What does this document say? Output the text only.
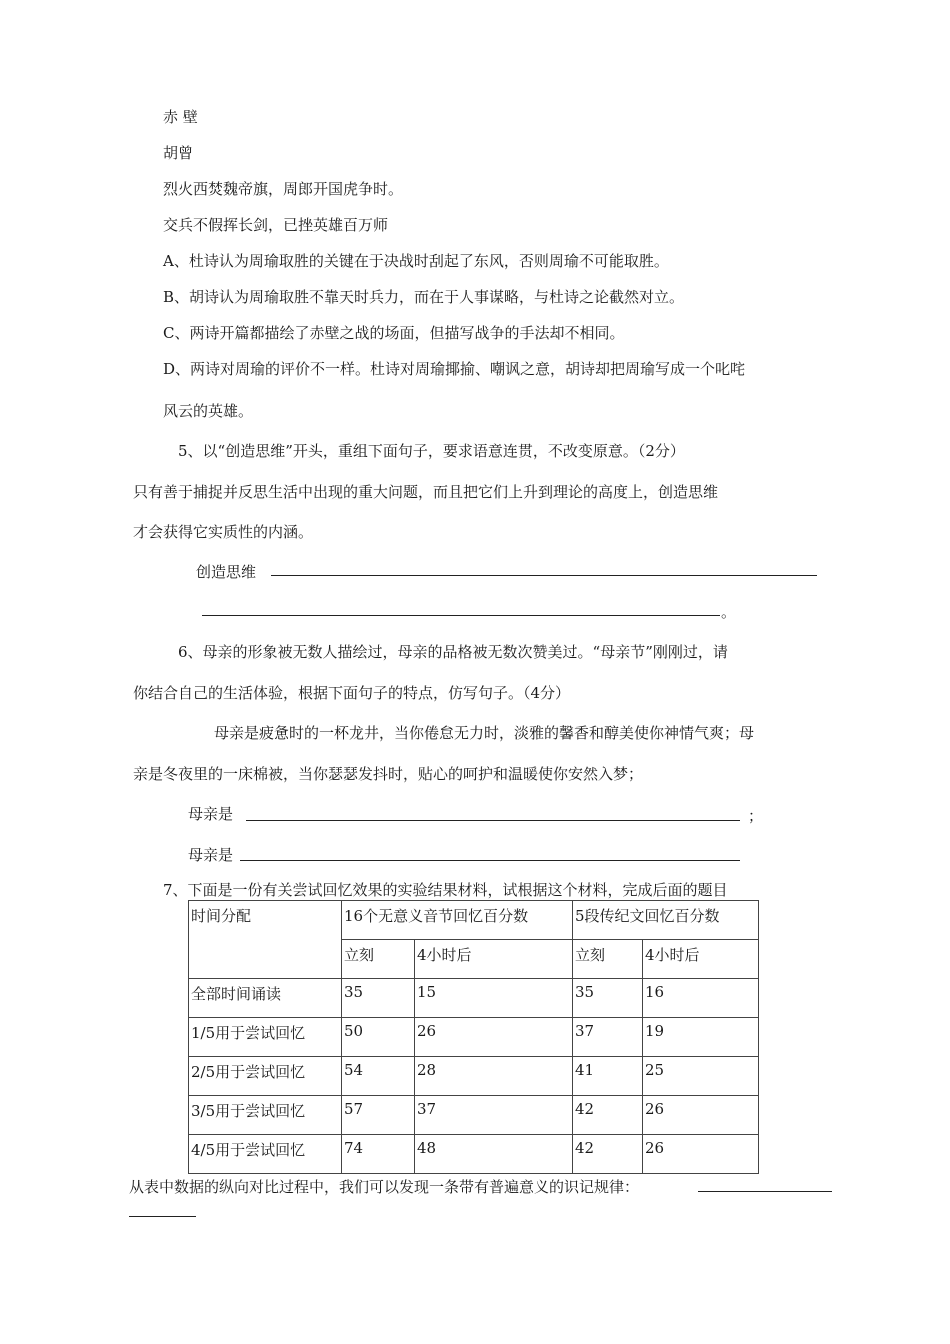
赤 壁
胡曾
烈火西焚魏帝旗，周郎开国虎争时。
交兵不假挥长剑，已挫英雄百万师
A、杜诗认为周瑜取胜的关键在于决战时刮起了东风，否则周瑜不可能取胜。
B、胡诗认为周瑜取胜不靠天时兵力，而在于人事谋略，与杜诗之论截然对立。
C、两诗开篇都描绘了赤壁之战的场面，但描写战争的手法却不相同。
D、两诗对周瑜的评价不一样。杜诗对周瑜揶揄、嘲讽之意，胡诗却把周瑜写成一个叱咤
风云的英雄。
5、以“创造思维”开头，重组下面句子，要求语意连贯，不改变原意。（2分）
只有善于捕捉并反思生活中出现的重大问题，而且把它们上升到理论的高度上，创造思维
才会获得它实质性的内涵。
创造思维
。
6、母亲的形象被无数人描绘过，母亲的品格被无数次赞美过。“母亲节”刚刚过，请
你结合自己的生活体验，根据下面句子的特点，仿写句子。（4分）
母亲是疲惫时的一杯龙井，当你倦怠无力时，淡雅的馨香和醇美使你神情气爽；母
亲是冬夜里的一床棉被，当你瑟瑟发抖时，贴心的呵护和温暖使你安然入梦；
母亲是	；
母亲是
7、下面是一份有关尝试回忆效果的实验结果材料，试根据这个材料，完成后面的题目
时间分配	16个无意义音节回忆百分数		5段传纪文回忆百分数	
	立刻	4小时后	立刻	4小时后
全部时间诵读	35	15	35	16
1/5用于尝试回忆	50	26	37	19
2/5用于尝试回忆	54	28	41	25
3/5用于尝试回忆	57	37	42	26
4/5用于尝试回忆	74	48	42	26
从表中数据的纵向对比过程中，我们可以发现一条带有普遍意义的识记规律：
